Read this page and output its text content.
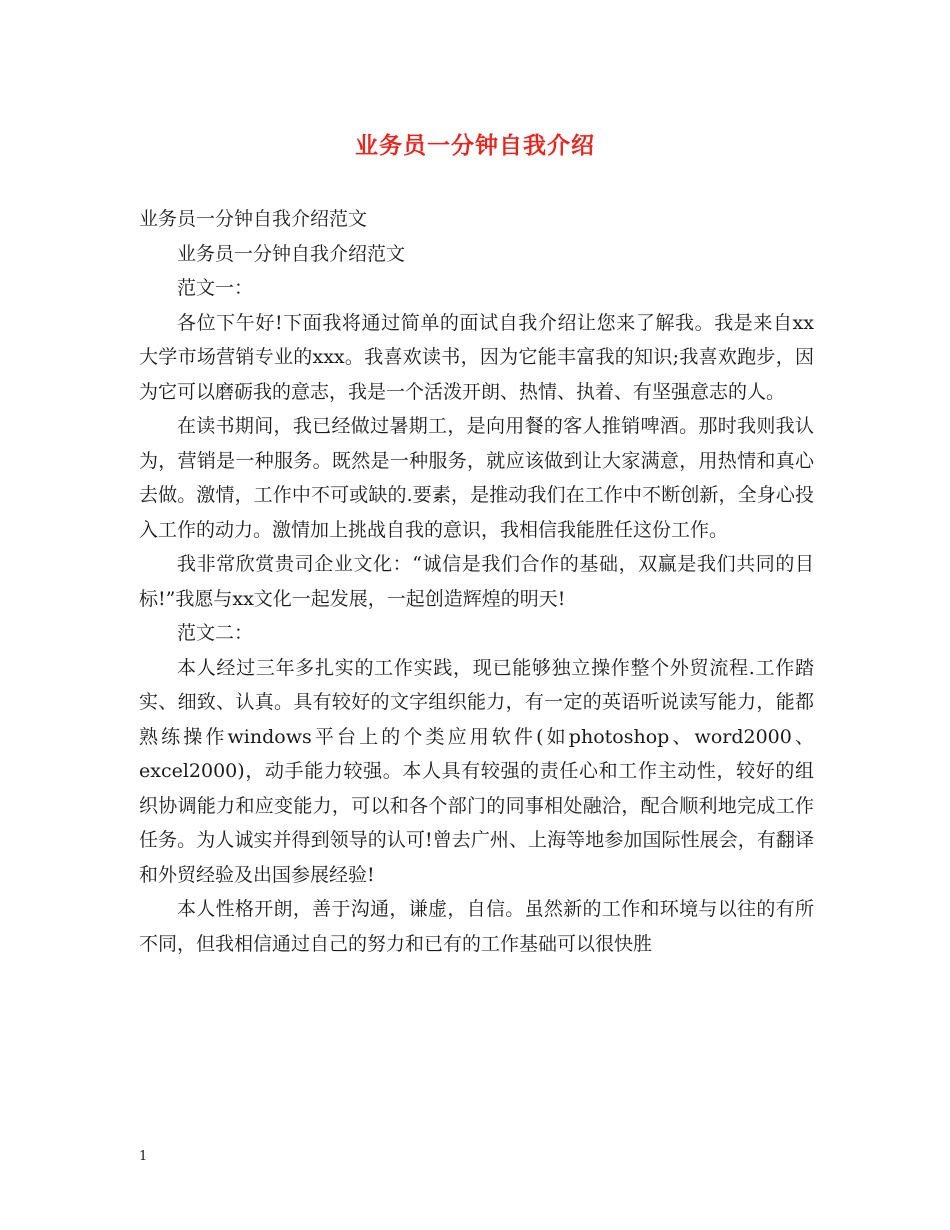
业务员一分钟自我介绍

业务员一分钟自我介绍范文

业务员一分钟自我介绍范文

范文一：

各位下午好!下面我将通过简单的面试自我介绍让您来了解我。我是来自xx大学市场营销专业的xxx。我喜欢读书，因为它能丰富我的知识;我喜欢跑步，因为它可以磨砺我的意志，我是一个活泼开朗、热情、执着、有坚强意志的人。

在读书期间，我已经做过暑期工，是向用餐的客人推销啤酒。那时我则我认为，营销是一种服务。既然是一种服务，就应该做到让大家满意，用热情和真心去做。激情，工作中不可或缺的.要素，是推动我们在工作中不断创新，全身心投入工作的动力。激情加上挑战自我的意识，我相信我能胜任这份工作。

我非常欣赏贵司企业文化：“诚信是我们合作的基础，双赢是我们共同的目标!”我愿与xx文化一起发展，一起创造辉煌的明天!

范文二：

本人经过三年多扎实的工作实践，现已能够独立操作整个外贸流程.工作踏实、细致、认真。具有较好的文字组织能力，有一定的英语听说读写能力，能都熟练操作windows平台上的个类应用软件(如photoshop、word2000、excel2000)，动手能力较强。本人具有较强的责任心和工作主动性，较好的组织协调能力和应变能力，可以和各个部门的同事相处融洽，配合顺利地完成工作任务。为人诚实并得到领导的认可!曾去广州、上海等地参加国际性展会，有翻译和外贸经验及出国参展经验!

本人性格开朗，善于沟通，谦虚，自信。虽然新的工作和环境与以往的有所不同，但我相信通过自己的努力和已有的工作基础可以很快胜

1
